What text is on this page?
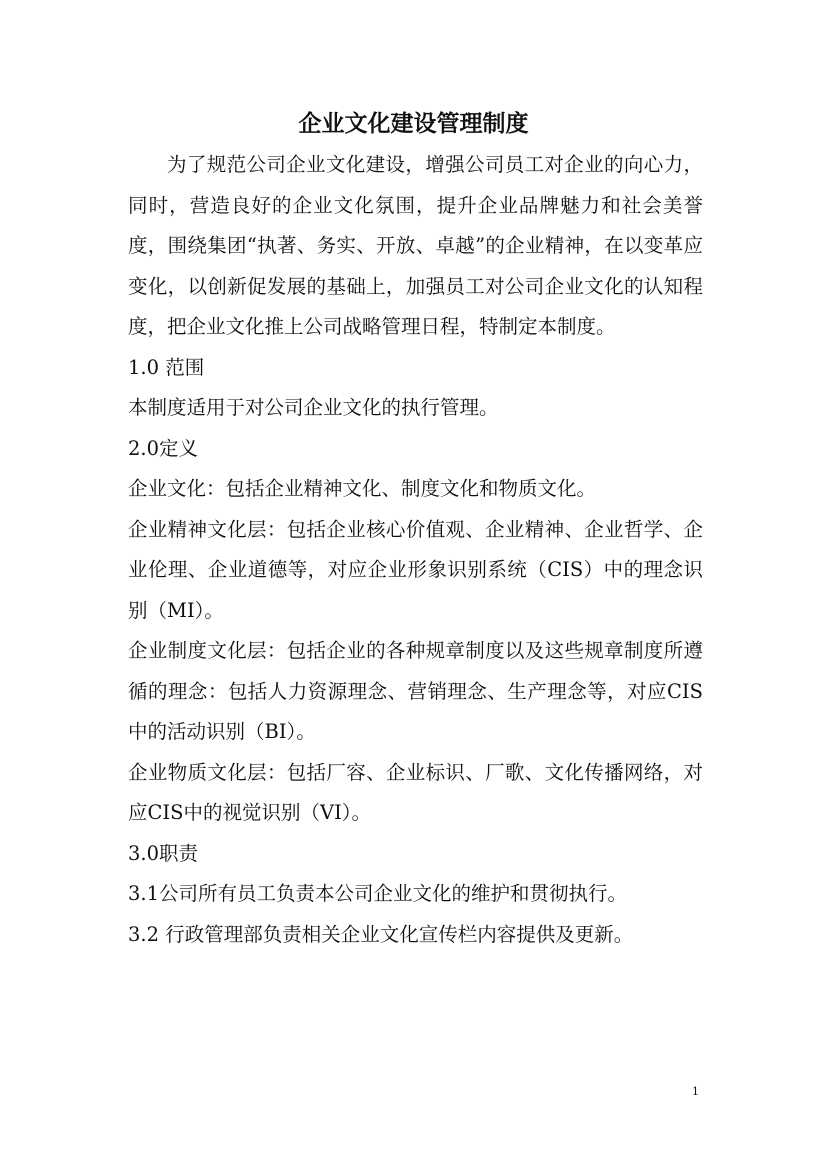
企业文化建设管理制度

为了规范公司企业文化建设，增强公司员工对企业的向心力，同时，营造良好的企业文化氛围，提升企业品牌魅力和社会美誉度，围绕集团“执著、务实、开放、卓越”的企业精神，在以变革应变化，以创新促发展的基础上，加强员工对公司企业文化的认知程度，把企业文化推上公司战略管理日程，特制定本制度。

1.0 范围

本制度适用于对公司企业文化的执行管理。

2.0定义

企业文化：包括企业精神文化、制度文化和物质文化。

企业精神文化层：包括企业核心价值观、企业精神、企业哲学、企业伦理、企业道德等，对应企业形象识别系统（CIS）中的理念识别（MI）。

企业制度文化层：包括企业的各种规章制度以及这些规章制度所遵循的理念：包括人力资源理念、营销理念、生产理念等，对应CIS中的活动识别（BI）。

企业物质文化层：包括厂容、企业标识、厂歌、文化传播网络，对应CIS中的视觉识别（VI）。

3.0职责

3.1公司所有员工负责本公司企业文化的维护和贯彻执行。

3.2 行政管理部负责相关企业文化宣传栏内容提供及更新。

1
